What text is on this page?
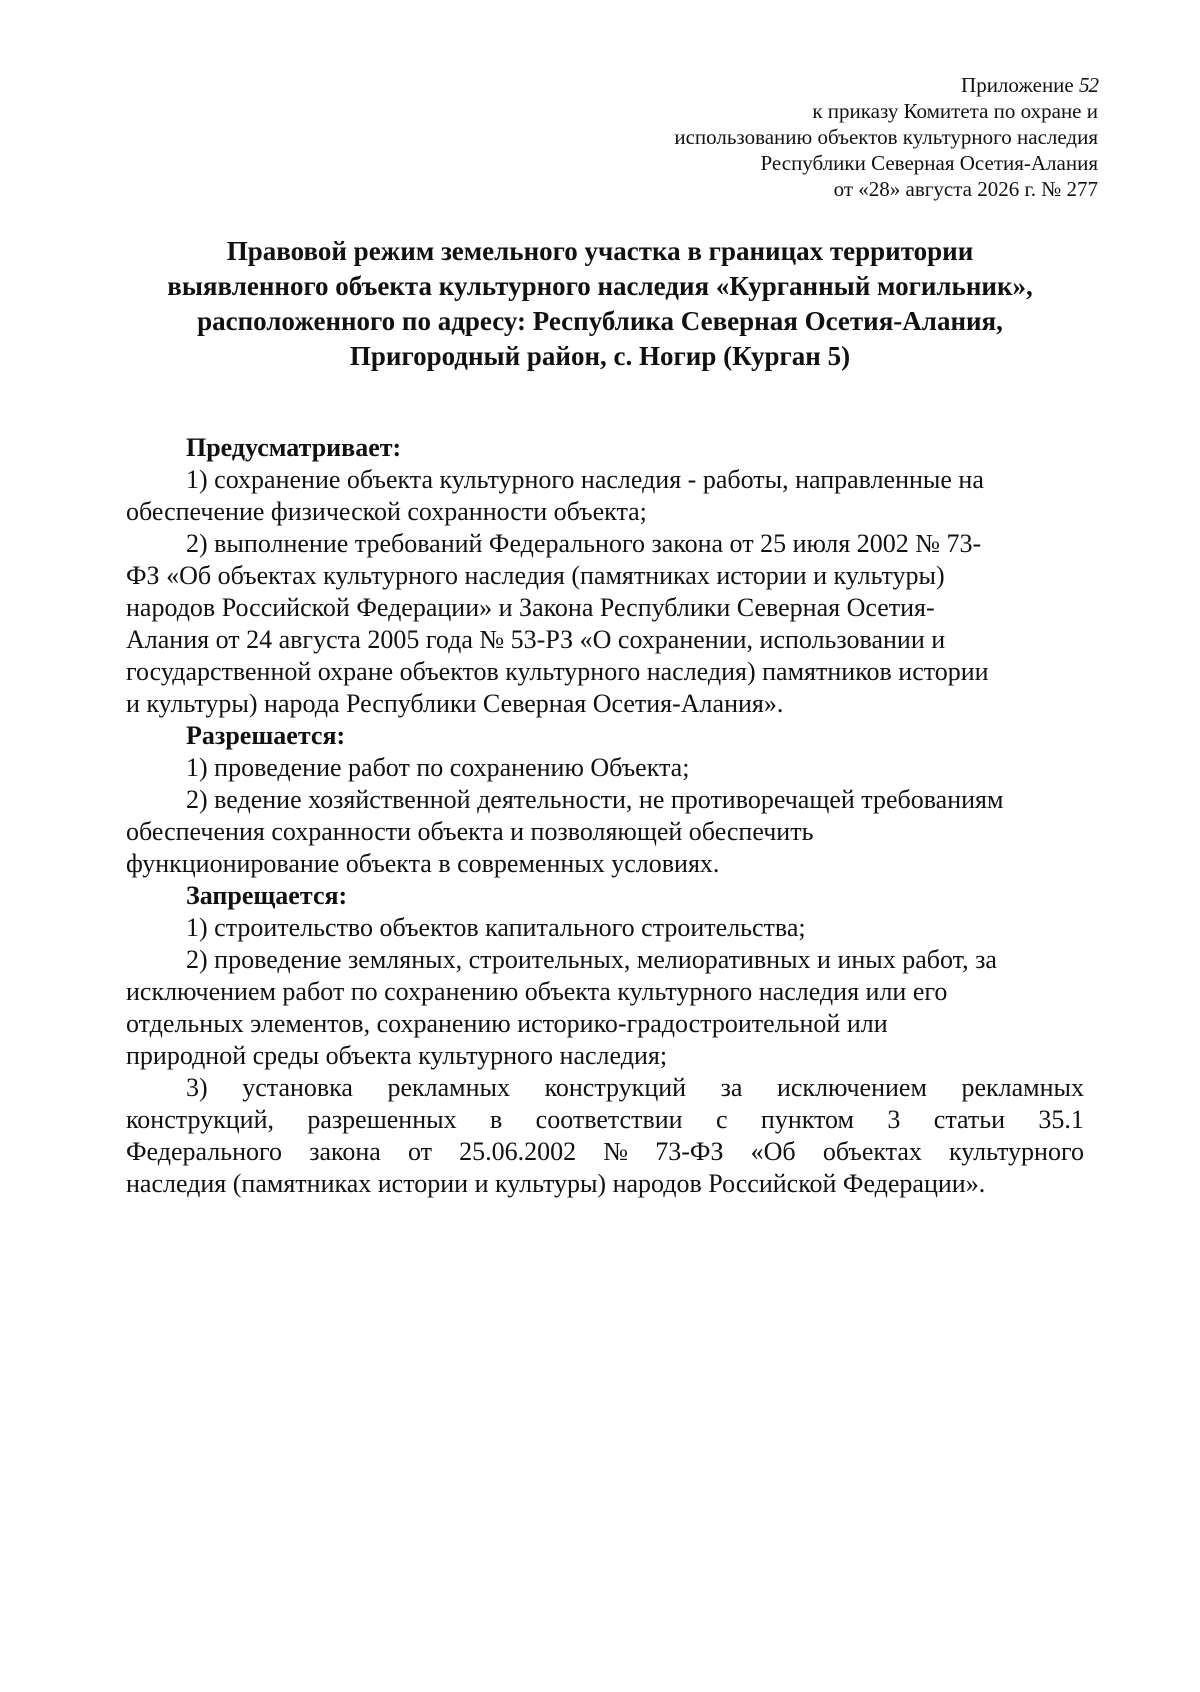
Приложение 52
к приказу Комитета по охране и
использованию объектов культурного наследия
Республики Северная Осетия-Алания
от «28» августа 2026 г. № 277
Правовой режим земельного участка в границах территории
выявленного объекта культурного наследия «Курганный могильник»,
расположенного по адресу: Республика Северная Осетия-Алания,
Пригородный район, с. Ногир (Курган 5)
Предусматривает:
1) сохранение объекта культурного наследия - работы, направленные на
обеспечение физической сохранности объекта;
2) выполнение требований Федерального закона от 25 июля 2002 № 73-
ФЗ «Об объектах культурного наследия (памятниках истории и культуры)
народов Российской Федерации» и Закона Республики Северная Осетия-
Алания от 24 августа 2005 года № 53-РЗ «О сохранении, использовании и
государственной охране объектов культурного наследия) памятников истории
и культуры) народа Республики Северная Осетия-Алания».
Разрешается:
1) проведение работ по сохранению Объекта;
2) ведение хозяйственной деятельности, не противоречащей требованиям
обеспечения сохранности объекта и позволяющей обеспечить
функционирование объекта в современных условиях.
Запрещается:
1) строительство объектов капитального строительства;
2) проведение земляных, строительных, мелиоративных и иных работ, за
исключением работ по сохранению объекта культурного наследия или его
отдельных элементов, сохранению историко-градостроительной или
природной среды объекта культурного наследия;
3) установка рекламных конструкций за исключением рекламных
конструкций, разрешенных в соответствии с пунктом 3 статьи 35.1
Федерального закона от 25.06.2002 № 73-ФЗ «Об объектах культурного
наследия (памятниках истории и культуры) народов Российской Федерации».
